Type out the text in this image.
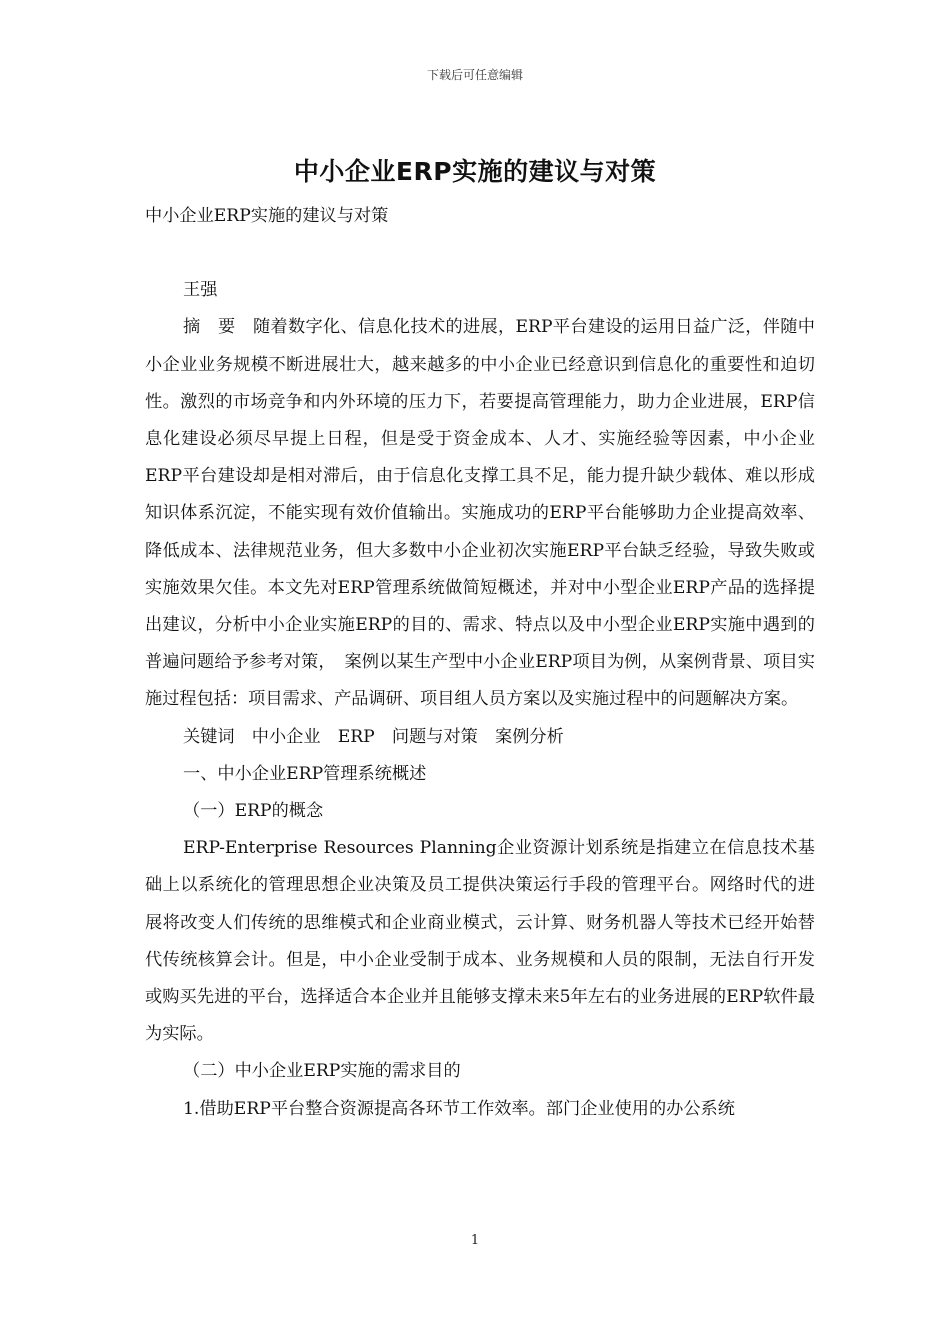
下载后可任意编辑
中小企业ERP实施的建议与对策

中小企业ERP实施的建议与对策

王强

摘　要　随着数字化、信息化技术的进展，ERP平台建设的运用日益广泛，伴随中小企业业务规模不断进展壮大，越来越多的中小企业已经意识到信息化的重要性和迫切性。激烈的市场竞争和内外环境的压力下，若要提高管理能力，助力企业进展，ERP信息化建设必须尽早提上日程，但是受于资金成本、人才、实施经验等因素，中小企业ERP平台建设却是相对滞后，由于信息化支撑工具不足，能力提升缺少载体、难以形成知识体系沉淀，不能实现有效价值输出。实施成功的ERP平台能够助力企业提高效率、降低成本、法律规范业务，但大多数中小企业初次实施ERP平台缺乏经验，导致失败或实施效果欠佳。本文先对ERP管理系统做简短概述，并对中小型企业ERP产品的选择提出建议，分析中小企业实施ERP的目的、需求、特点以及中小型企业ERP实施中遇到的普遍问题给予参考对策，　案例以某生产型中小企业ERP项目为例，从案例背景、项目实施过程包括：项目需求、产品调研、项目组人员方案以及实施过程中的问题解决方案。

关键词　中小企业　ERP　问题与对策　案例分析

一、中小企业ERP管理系统概述

（一）ERP的概念

ERP-Enterprise Resources Planning企业资源计划系统是指建立在信息技术基础上以系统化的管理思想企业决策及员工提供决策运行手段的管理平台。网络时代的进展将改变人们传统的思维模式和企业商业模式，云计算、财务机器人等技术已经开始替代传统核算会计。但是，中小企业受制于成本、业务规模和人员的限制，无法自行开发或购买先进的平台，选择适合本企业并且能够支撑未来5年左右的业务进展的ERP软件最为实际。

（二）中小企业ERP实施的需求目的

1.借助ERP平台整合资源提高各环节工作效率。部门企业使用的办公系统

1
